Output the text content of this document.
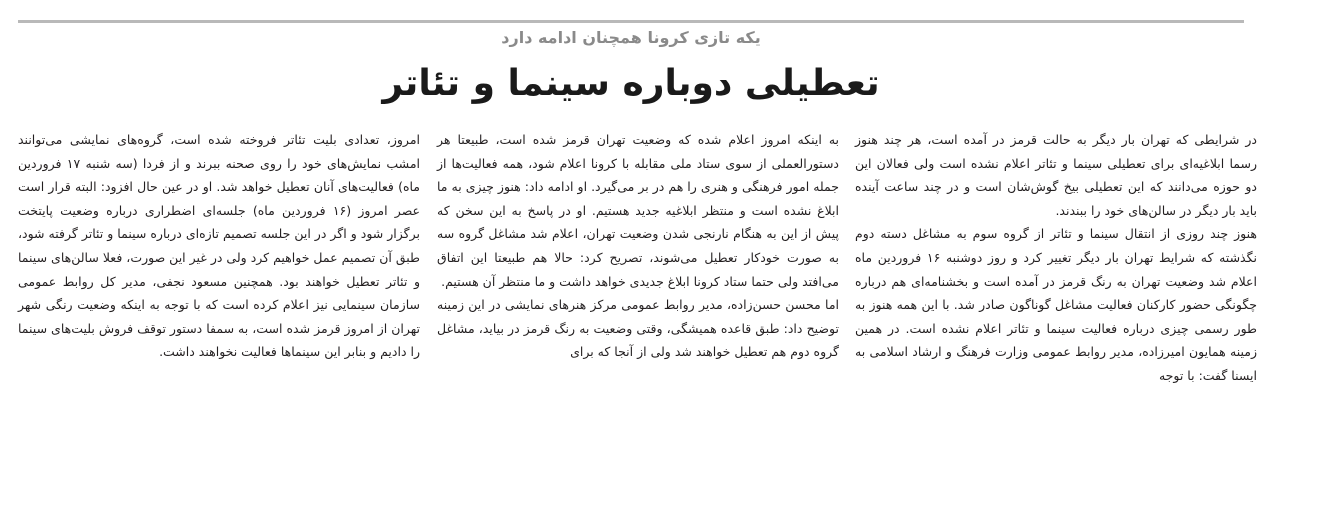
یکه تازی کرونا همچنان ادامه دارد
تعطیلی دوباره سینما و تئاتر

در شرایطی که تهران بار دیگر به حالت قرمز در آمده است، هر چند هنوز رسما ابلاغیه‌ای برای تعطیلی سینما و تئاتر اعلام نشده است ولی فعالان این دو حوزه می‌دانند که این تعطیلی بیخ گوش‌شان است و در چند ساعت آینده باید بار دیگر در سالن‌های خود را ببندند.

هنوز چند روزی از انتقال سینما و تئاتر از گروه سوم به مشاغل دسته دوم نگذشته که شرایط تهران بار دیگر تغییر کرد و روز دوشنبه ۱۶ فروردین ماه اعلام شد وضعیت تهران به رنگ قرمز در آمده است و بخشنامه‌ای هم درباره چگونگی حضور کارکنان فعالیت مشاغل گوناگون صادر شد. با این همه هنوز به طور رسمی چیزی درباره فعالیت سینما و تئاتر اعلام نشده است. در همین زمینه همایون امیرزاده، مدیر روابط عمومی وزارت فرهنگ و ارشاد اسلامی به ایسنا گفت: با توجه

به اینکه امروز اعلام شده که وضعیت تهران قرمز شده است، طبیعتا هر دستورالعملی از سوی ستاد ملی مقابله با کرونا اعلام شود، همه فعالیت‌ها از جمله امور فرهنگی و هنری را هم در بر می‌گیرد. او ادامه داد: هنوز چیزی به ما ابلاغ نشده است و منتظر ابلاغیه جدید هستیم. او در پاسخ به این سخن که پیش از این به هنگام نارنجی شدن وضعیت تهران، اعلام شد مشاغل گروه سه به صورت خودکار تعطیل می‌شوند، تصریح کرد: حالا هم طبیعتا این اتفاق می‌افتد ولی حتما ستاد کرونا ابلاغ جدیدی خواهد داشت و ما منتظر آن هستیم.

اما محسن حسن‌زاده، مدیر روابط عمومی مرکز هنرهای نمایشی در این زمینه توضیح داد: طبق قاعده همیشگی، وقتی وضعیت به رنگ قرمز در بیاید، مشاغل گروه دوم هم تعطیل خواهند شد ولی از آنجا که برای

امروز، تعدادی بلیت تئاتر فروخته شده است، گروه‌های نمایشی می‌توانند امشب نمایش‌های خود را روی صحنه ببرند و از فردا (سه شنبه ۱۷ فروردین ماه) فعالیت‌های آنان تعطیل خواهد شد. او در عین حال افزود: البته قرار است عصر امروز (۱۶ فروردین ماه) جلسه‌ای اضطراری درباره وضعیت پایتخت برگزار شود و اگر در این جلسه تصمیم تازه‌ای درباره سینما و تئاتر گرفته شود، طبق آن تصمیم عمل خواهیم کرد ولی در غیر این صورت، فعلا سالن‌های سینما و تئاتر تعطیل خواهند بود. همچنین مسعود نجفی، مدیر کل روابط عمومی سازمان سینمایی نیز اعلام کرده است که با توجه به اینکه وضعیت رنگی شهر تهران از امروز قرمز شده است، به سمفا دستور توقف فروش بلیت‌های سینما را دادیم و بنابر این سینماها فعالیت نخواهند داشت.
